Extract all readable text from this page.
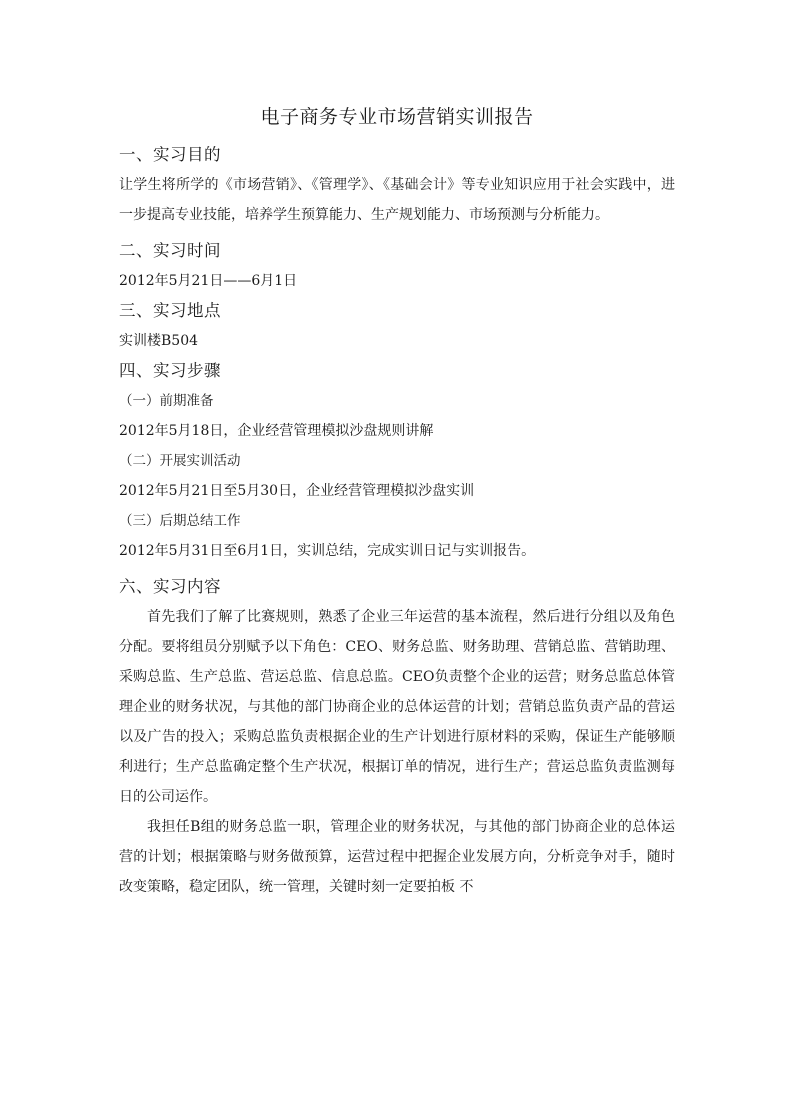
电子商务专业市场营销实训报告
一、实习目的

让学生将所学的《市场营销》、《管理学》、《基础会计》等专业知识应用于社会实践中，进一步提高专业技能，培养学生预算能力、生产规划能力、市场预测与分析能力。

二、实习时间

2012年5月21日——6月1日

三、实习地点

实训楼B504

四、实习步骤
（一）前期准备

2012年5月18日，企业经营管理模拟沙盘规则讲解

（二）开展实训活动

2012年5月21日至5月30日，企业经营管理模拟沙盘实训

（三）后期总结工作

2012年5月31日至6月1日，实训总结，完成实训日记与实训报告。

六、实习内容

首先我们了解了比赛规则，熟悉了企业三年运营的基本流程，然后进行分组以及角色分配。要将组员分别赋予以下角色：CEO、财务总监、财务助理、营销总监、营销助理、采购总监、生产总监、营运总监、信息总监。CEO负责整个企业的运营；财务总监总体管理企业的财务状况，与其他的部门协商企业的总体运营的计划；营销总监负责产品的营运以及广告的投入；采购总监负责根据企业的生产计划进行原材料的采购，保证生产能够顺利进行；生产总监确定整个生产状况，根据订单的情况，进行生产；营运总监负责监测每日的公司运作。

我担任B组的财务总监一职，管理企业的财务状况，与其他的部门协商企业的总体运营的计划；根据策略与财务做预算，运营过程中把握企业发展方向，分析竞争对手，随时改变策略，稳定团队，统一管理，关键时刻一定要拍板 不
